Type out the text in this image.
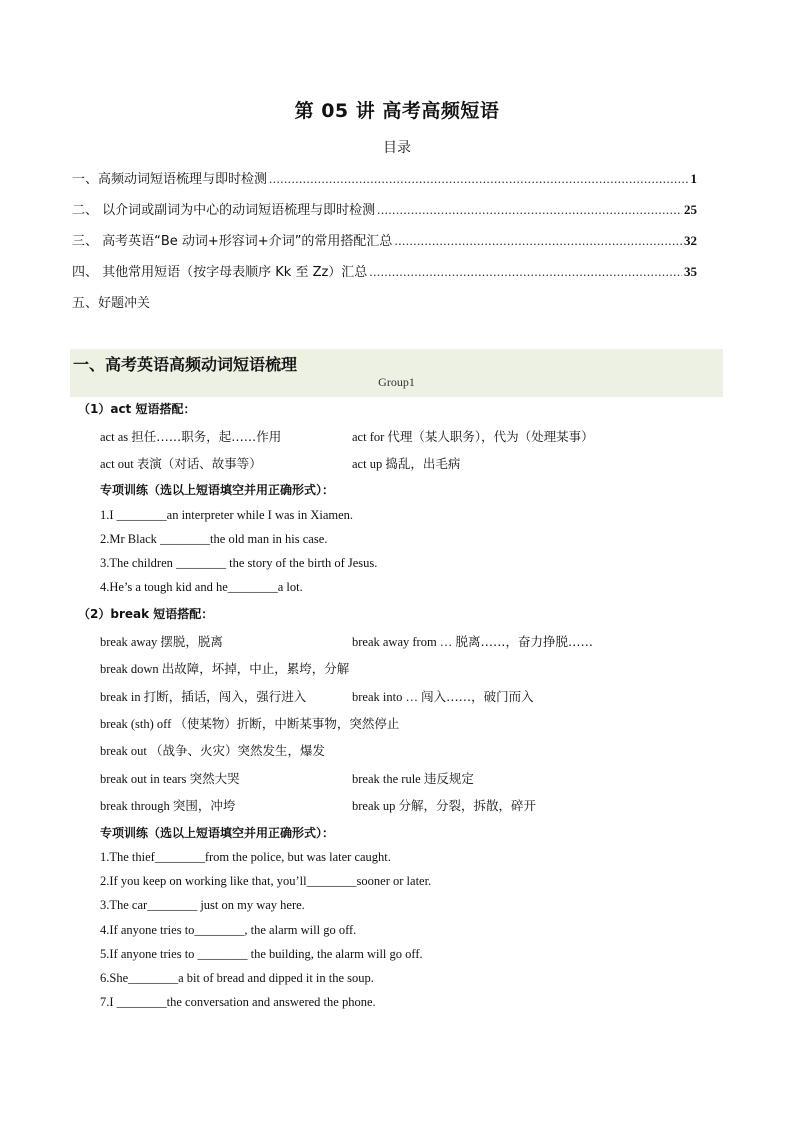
第 05 讲 高考高频短语
目录
一、高频动词短语梳理与即时检测 .....	1
二、 以介词或副词为中心的动词短语梳理与即时检测 .....	25
三、 高考英语“Be 动词+形容词+介词”的常用搭配汇总 .....	32
四、 其他常用短语（按字母表顺序 Kk 至 Zz）汇总 .....	35
五、好题冲关
一、高考英语高频动词短语梳理
Group1
（1）act 短语搭配：
act as 担任……职务，起……作用	act for 代理（某人职务），代为（处理某事）
act out 表演（对话、故事等）	act up 捣乱，出毛病
专项训练（选以上短语填空并用正确形式）：
1.I ________an interpreter while I was in Xiamen.
2.Mr Black ________the old man in his case.
3.The children ________ the story of the birth of Jesus.
4.He’s a tough kid and he________a lot.
（2）break 短语搭配：
break away 摆脱，脱离	break away from … 脱离……，奋力挣脱……
break down 出故障，坏掉，中止，累垮，分解
break in 打断，插话，闯入，强行进入	break into … 闯入……，破门而入
break (sth) off （使某物）折断，中断某事物，突然停止
break out （战争、火灾）突然发生，爆发
break out in tears 突然大哭	break the rule 违反规定
break through 突围，冲垮	break up 分解，分裂，拆散，碎开
专项训练（选以上短语填空并用正确形式）：
1.The thief________from the police, but was later caught.
2.If you keep on working like that, you’ll________sooner or later.
3.The car________ just on my way here.
4.If anyone tries to________, the alarm will go off.
5.If anyone tries to ________ the building, the alarm will go off.
6.She________a bit of bread and dipped it in the soup.
7.I ________the conversation and answered the phone.
